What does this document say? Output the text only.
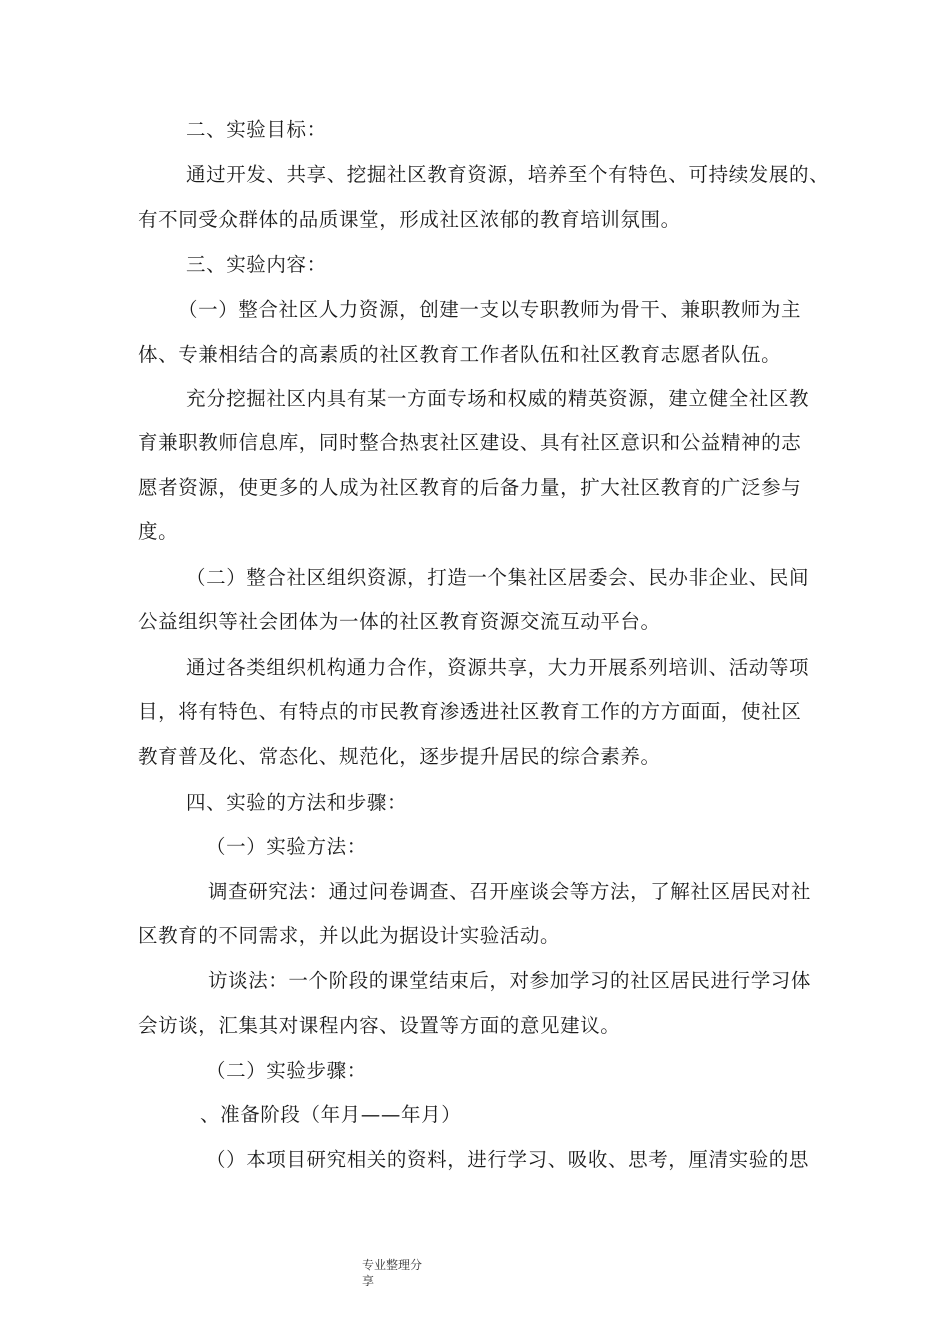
二、实验目标：
通过开发、共享、挖掘社区教育资源，培养至个有特色、可持续发展的、
有不同受众群体的品质课堂，形成社区浓郁的教育培训氛围。
三、实验内容：
（一）整合社区人力资源，创建一支以专职教师为骨干、兼职教师为主
体、专兼相结合的高素质的社区教育工作者队伍和社区教育志愿者队伍。
充分挖掘社区内具有某一方面专场和权威的精英资源，建立健全社区教
育兼职教师信息库，同时整合热衷社区建设、具有社区意识和公益精神的志
愿者资源，使更多的人成为社区教育的后备力量，扩大社区教育的广泛参与
度。
（二）整合社区组织资源，打造一个集社区居委会、民办非企业、民间
公益组织等社会团体为一体的社区教育资源交流互动平台。
通过各类组织机构通力合作，资源共享，大力开展系列培训、活动等项
目，将有特色、有特点的市民教育渗透进社区教育工作的方方面面，使社区
教育普及化、常态化、规范化，逐步提升居民的综合素养。
四、实验的方法和步骤：
（一）实验方法：
调查研究法：通过问卷调查、召开座谈会等方法，了解社区居民对社
区教育的不同需求，并以此为据设计实验活动。
访谈法：一个阶段的课堂结束后，对参加学习的社区居民进行学习体
会访谈，汇集其对课程内容、设置等方面的意见建议。
（二）实验步骤：
、准备阶段（年月——年月）
（）本项目研究相关的资料，进行学习、吸收、思考，厘清实验的思
专业整理分
享
